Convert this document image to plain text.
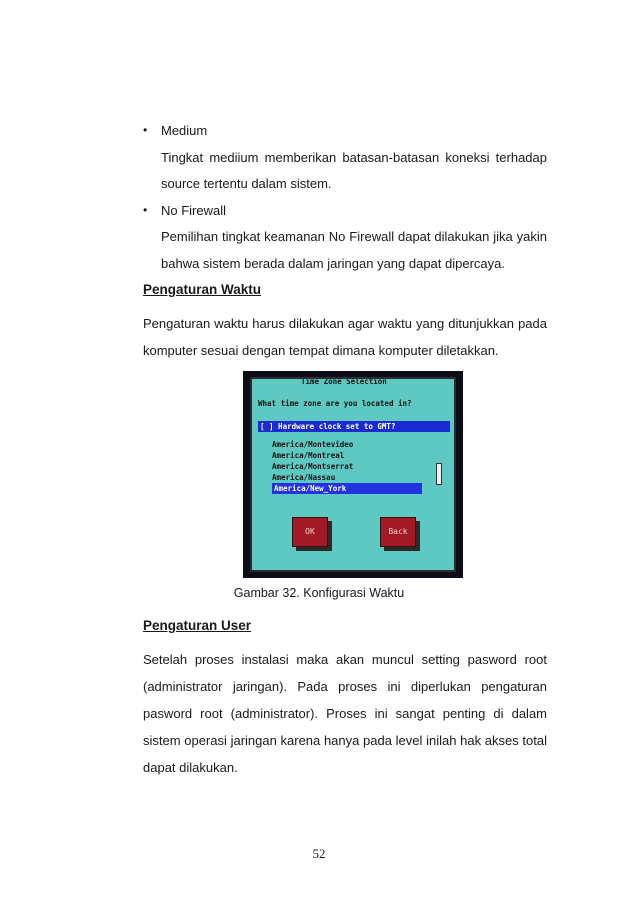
• Medium
Tingkat mediium memberikan batasan-batasan koneksi terhadap
source tertentu dalam sistem.
• No Firewall
Pemilihan tingkat keamanan No Firewall dapat dilakukan jika yakin
bahwa sistem berada dalam jaringan yang dapat dipercaya.
Pengaturan Waktu
Pengaturan waktu harus dilakukan agar waktu yang ditunjukkan pada
komputer sesuai dengan tempat dimana komputer diletakkan.
Time Zone Selection
What time zone are you located in?
[ ] Hardware clock set to GMT?
America/Montevideo
America/Montreal
America/Montserrat
America/Nassau
America/New_York
OK	Back
Gambar 32. Konfigurasi Waktu
Pengaturan User
Setelah proses instalasi maka akan muncul setting pasword root
(administrator jaringan). Pada proses ini diperlukan pengaturan
pasword root (administrator). Proses ini sangat penting di dalam
sistem operasi jaringan karena hanya pada level inilah hak akses total
dapat dilakukan.
52
